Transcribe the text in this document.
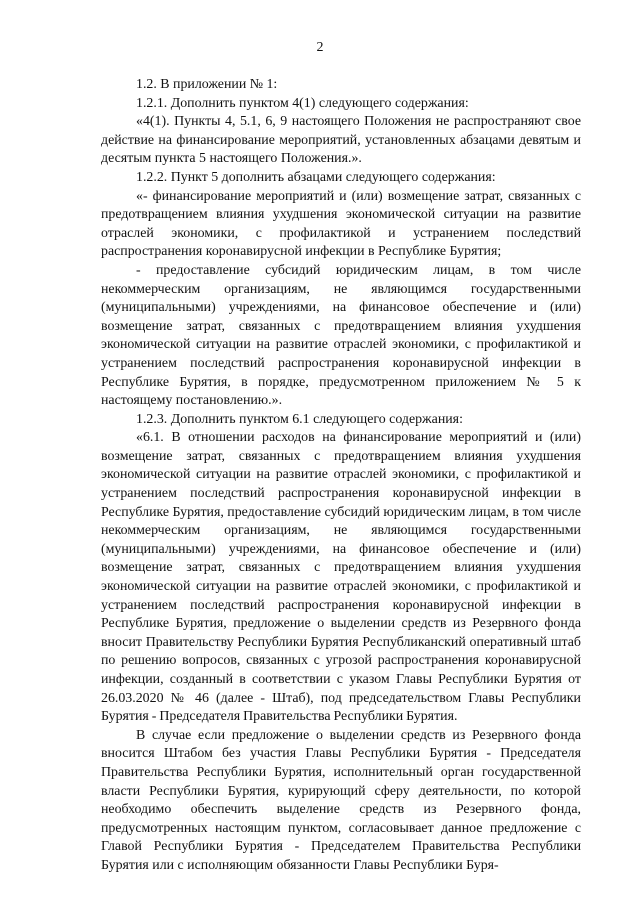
2

1.2. В приложении № 1:

1.2.1. Дополнить пунктом 4(1) следующего содержания:

«4(1). Пункты 4, 5.1, 6, 9 настоящего Положения не распространяют свое действие на финансирование мероприятий, установленных абзацами девятым и десятым пункта 5 настоящего Положения.».

1.2.2. Пункт 5 дополнить абзацами следующего содержания:

«- финансирование мероприятий и (или) возмещение затрат, связанных с предотвращением влияния ухудшения экономической ситуации на развитие отраслей экономики, с профилактикой и устранением последствий распространения коронавирусной инфекции в Республике Бурятия;

- предоставление субсидий юридическим лицам, в том числе некоммерческим организациям, не являющимся государственными (муниципальными) учреждениями, на финансовое обеспечение и (или) возмещение затрат, связанных с предотвращением влияния ухудшения экономической ситуации на развитие отраслей экономики, с профилактикой и устранением последствий распространения коронавирусной инфекции в Республике Бурятия, в порядке, предусмотренном приложением № 5 к настоящему постановлению.».

1.2.3. Дополнить пунктом 6.1 следующего содержания:

«6.1. В отношении расходов на финансирование мероприятий и (или) возмещение затрат, связанных с предотвращением влияния ухудшения экономической ситуации на развитие отраслей экономики, с профилактикой и устранением последствий распространения коронавирусной инфекции в Республике Бурятия, предоставление субсидий юридическим лицам, в том числе некоммерческим организациям, не являющимся государственными (муниципальными) учреждениями, на финансовое обеспечение и (или) возмещение затрат, связанных с предотвращением влияния ухудшения экономической ситуации на развитие отраслей экономики, с профилактикой и устранением последствий распространения коронавирусной инфекции в Республике Бурятия, предложение о выделении средств из Резервного фонда вносит Правительству Республики Бурятия Республиканский оперативный штаб по решению вопросов, связанных с угрозой распространения коронавирусной инфекции, созданный в соответствии с указом Главы Республики Бурятия от 26.03.2020 № 46 (далее - Штаб), под председательством Главы Республики Бурятия - Председателя Правительства Республики Бурятия.

В случае если предложение о выделении средств из Резервного фонда вносится Штабом без участия Главы Республики Бурятия - Председателя Правительства Республики Бурятия, исполнительный орган государственной власти Республики Бурятия, курирующий сферу деятельности, по которой необходимо обеспечить выделение средств из Резервного фонда, предусмотренных настоящим пунктом, согласовывает данное предложение с Главой Республики Бурятия - Председателем Правительства Республики Бурятия или с исполняющим обязанности Главы Республики Буря-
